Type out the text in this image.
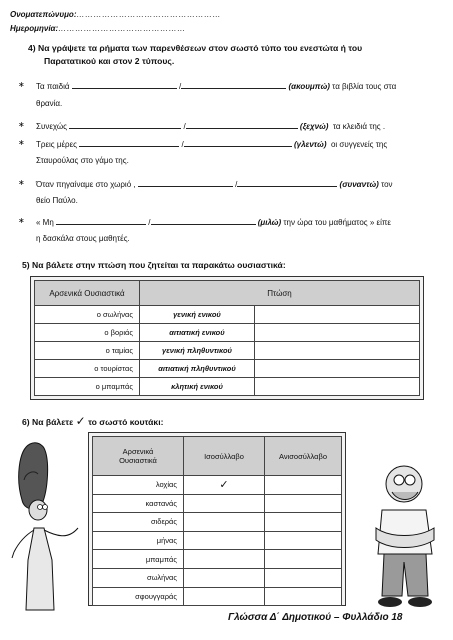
Ονοματεπώνυμο:……………………………………………
Ημερομηνία:………………………………………
4) Να γράψετε τα ρήματα των παρενθέσεων στον σωστό τύπο του ενεστώτα ή του
Παρατατικού και στον 2 τύπους.
∗ Τα παιδιά	/	(ακουμπώ) τα βιβλία τους στα
θρανία.
∗ Συνεχώς	/	(ξεχνώ) τα κλειδιά της .
∗ Τρεις μέρες	/	(γλεντώ) οι συγγενείς της
Σταυρούλας στο γάμο της.
∗ Όταν πηγαίναμε στο χωριό ,	/	(συναντώ) τον
θείο Παύλο.
∗ « Μη	/	(μιλώ) την ώρα του μαθήματος » είπε
η δασκάλα στους μαθητές.
5) Να βάλετε στην πτώση που ζητείται τα παρακάτω ουσιαστικά:
Αρσενικά Ουσιαστικά	Πτώση	
ο σωλήνας	γενική ενικού	
ο βοριάς	αιτιατική ενικού	
ο ταμίας	γενική πληθυντικού	
ο τουρίστας	αιτιατική πληθυντικού	
ο μπαμπάς	κλητική ενικού	
6) Να βάλετε ✓ το σωστό κουτάκι:
Αρσενικά
Ουσιαστικά	Ισοσύλλαβο	Ανισοσύλλαβο
λοχίας	✓	
καστανάς		
σιδεράς		
μήνας		
μπαμπάς		
σωλήνας		
σφουγγαράς		
Γλώσσα Δ΄ Δημοτικού – Φυλλάδιο 18
